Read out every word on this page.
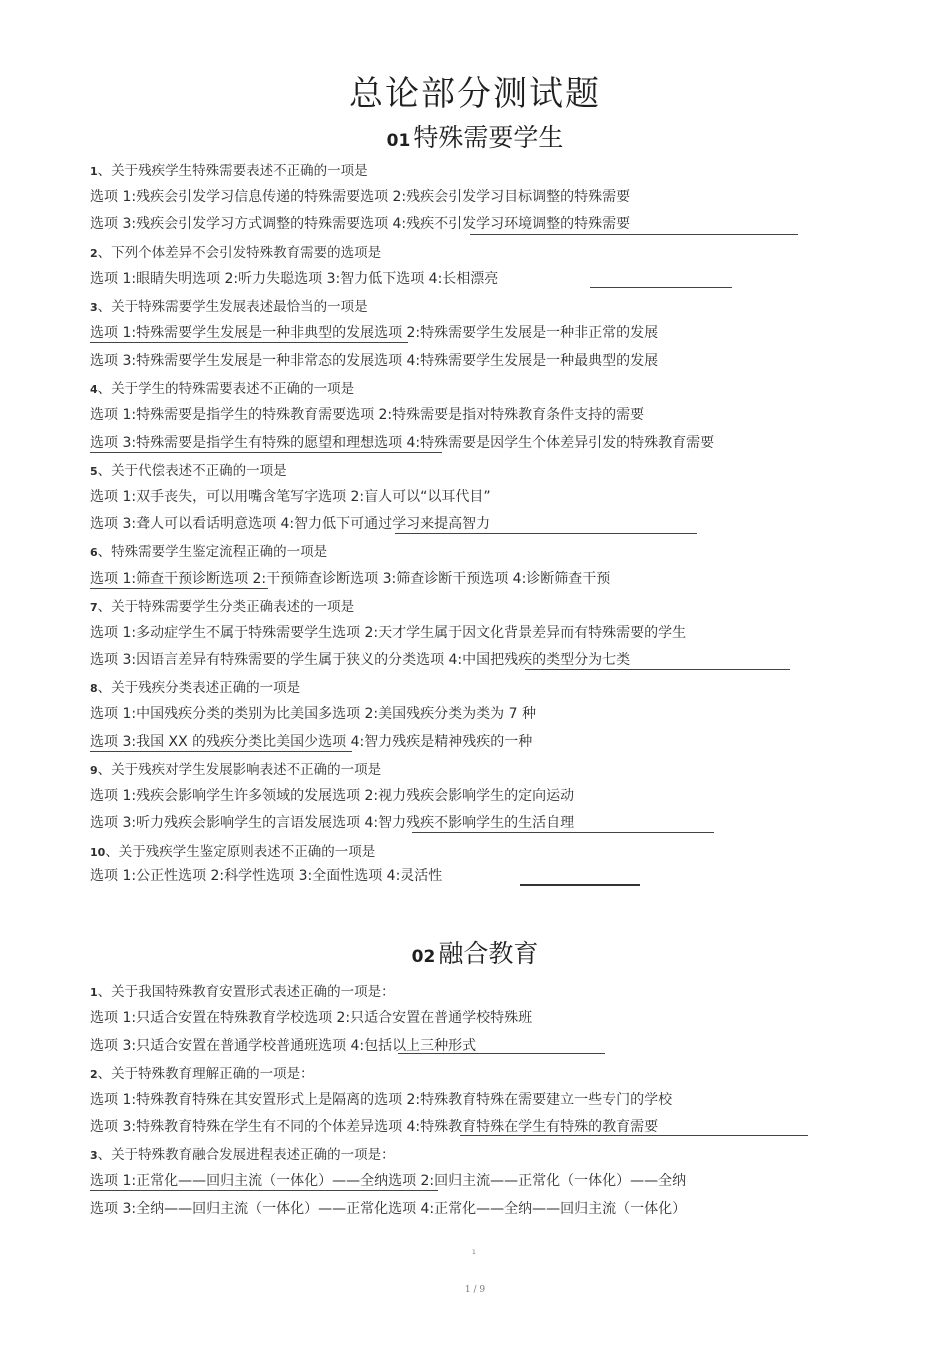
总论部分测试题
01 特殊需要学生
1、关于残疾学生特殊需要表述不正确的一项是
选项 1:残疾会引发学习信息传递的特殊需要选项 2:残疾会引发学习目标调整的特殊需要
选项 3:残疾会引发学习方式调整的特殊需要选项 4:残疾不引发学习环境调整的特殊需要
2、下列个体差异不会引发特殊教育需要的选项是
选项 1:眼睛失明选项 2:听力失聪选项 3:智力低下选项 4:长相漂亮
3、关于特殊需要学生发展表述最恰当的一项是
选项 1:特殊需要学生发展是一种非典型的发展选项 2:特殊需要学生发展是一种非正常的发展
选项 3:特殊需要学生发展是一种非常态的发展选项 4:特殊需要学生发展是一种最典型的发展
4、关于学生的特殊需要表述不正确的一项是
选项 1:特殊需要是指学生的特殊教育需要选项 2:特殊需要是指对特殊教育条件支持的需要
选项 3:特殊需要是指学生有特殊的愿望和理想选项 4:特殊需要是因学生个体差异引发的特殊教育需要
5、关于代偿表述不正确的一项是
选项 1:双手丧失，可以用嘴含笔写字选项 2:盲人可以“以耳代目”
选项 3:聋人可以看话明意选项 4:智力低下可通过学习来提高智力
6、特殊需要学生鉴定流程正确的一项是
选项 1:筛查干预诊断选项 2:干预筛查诊断选项 3:筛查诊断干预选项 4:诊断筛查干预
7、关于特殊需要学生分类正确表述的一项是
选项 1:多动症学生不属于特殊需要学生选项 2:天才学生属于因文化背景差异而有特殊需要的学生
选项 3:因语言差异有特殊需要的学生属于狭义的分类选项 4:中国把残疾的类型分为七类
8、关于残疾分类表述正确的一项是
选项 1:中国残疾分类的类别为比美国多选项 2:美国残疾分类为类为 7 种
选项 3:我国 XX 的残疾分类比美国少选项 4:智力残疾是精神残疾的一种
9、关于残疾对学生发展影响表述不正确的一项是
选项 1:残疾会影响学生许多领域的发展选项 2:视力残疾会影响学生的定向运动
选项 3:听力残疾会影响学生的言语发展选项 4:智力残疾不影响学生的生活自理
10、关于残疾学生鉴定原则表述不正确的一项是
选项 1:公正性选项 2:科学性选项 3:全面性选项 4:灵活性
02 融合教育
1、关于我国特殊教育安置形式表述正确的一项是：
选项 1:只适合安置在特殊教育学校选项 2:只适合安置在普通学校特殊班
选项 3:只适合安置在普通学校普通班选项 4:包括以上三种形式
2、关于特殊教育理解正确的一项是：
选项 1:特殊教育特殊在其安置形式上是隔离的选项 2:特殊教育特殊在需要建立一些专门的学校
选项 3:特殊教育特殊在学生有不同的个体差异选项 4:特殊教育特殊在学生有特殊的教育需要
3、关于特殊教育融合发展进程表述正确的一项是：
选项 1:正常化——回归主流（一体化）——全纳选项 2:回归主流——正常化（一体化）——全纳
选项 3:全纳——回归主流（一体化）——正常化选项 4:正常化——全纳——回归主流（一体化）
1
1 / 9
